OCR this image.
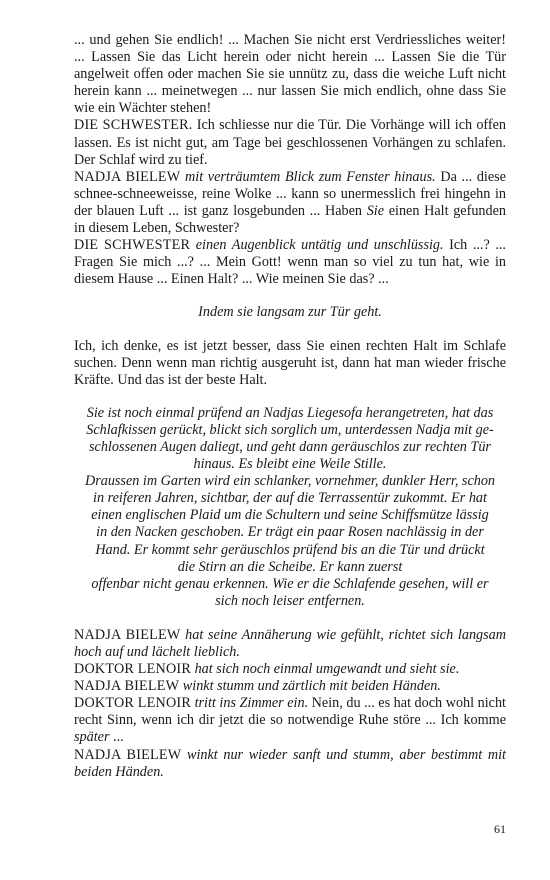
... und gehen Sie endlich! ... Machen Sie nicht erst Verdriessliches weiter! ... Lassen Sie das Licht herein oder nicht herein ... Lassen Sie die Tür angelweit offen oder machen Sie sie unnütz zu, dass die weiche Luft nicht herein kann ... meinetwegen ... nur lassen Sie mich endlich, ohne dass Sie wie ein Wächter stehen!

DIE SCHWESTER. Ich schliesse nur die Tür. Die Vorhänge will ich offen lassen. Es ist nicht gut, am Tage bei geschlossenen Vorhängen zu schlafen. Der Schlaf wird zu tief.

NADJA BIELEW mit verträumtem Blick zum Fenster hinaus. Da ... diese schnee-schneeweisse, reine Wolke ... kann so unermesslich frei hingehn in der blauen Luft ... ist ganz losgebunden ... Haben Sie einen Halt gefunden in diesem Leben, Schwester?

DIE SCHWESTER einen Augenblick untätig und unschlüssig. Ich ...? ... Fragen Sie mich ...? ... Mein Gott! wenn man so viel zu tun hat, wie in diesem Hause ... Einen Halt? ... Wie meinen Sie das? ...

Indem sie langsam zur Tür geht.

Ich, ich denke, es ist jetzt besser, dass Sie einen rechten Halt im Schlafe suchen. Denn wenn man richtig ausgeruht ist, dann hat man wieder frische Kräfte. Und das ist der beste Halt.

Sie ist noch einmal prüfend an Nadjas Liegesofa herangetreten, hat das
Schlafkissen gerückt, blickt sich sorglich um, unterdessen Nadja mit ge-
schlossenen Augen daliegt, und geht dann geräuschlos zur rechten Tür
hinaus. Es bleibt eine Weile Stille.
Draussen im Garten wird ein schlanker, vornehmer, dunkler Herr, schon
in reiferen Jahren, sichtbar, der auf die Terrassentür zukommt. Er hat
einen englischen Plaid um die Schultern und seine Schiffsmütze lässig
in den Nacken geschoben. Er trägt ein paar Rosen nachlässig in der
Hand. Er kommt sehr geräuschlos prüfend bis an die Tür und drückt
die Stirn an die Scheibe. Er kann zuerst
offenbar nicht genau erkennen. Wie er die Schlafende gesehen, will er
sich noch leiser entfernen.

NADJA BIELEW hat seine Annäherung wie gefühlt, richtet sich langsam hoch auf und lächelt lieblich.

DOKTOR LENOIR hat sich noch einmal umgewandt und sieht sie.

NADJA BIELEW winkt stumm und zärtlich mit beiden Händen.

DOKTOR LENOIR tritt ins Zimmer ein. Nein, du ... es hat doch wohl nicht recht Sinn, wenn ich dir jetzt die so notwendige Ruhe störe ... Ich komme später ...

NADJA BIELEW winkt nur wieder sanft und stumm, aber bestimmt mit beiden Händen.

61
